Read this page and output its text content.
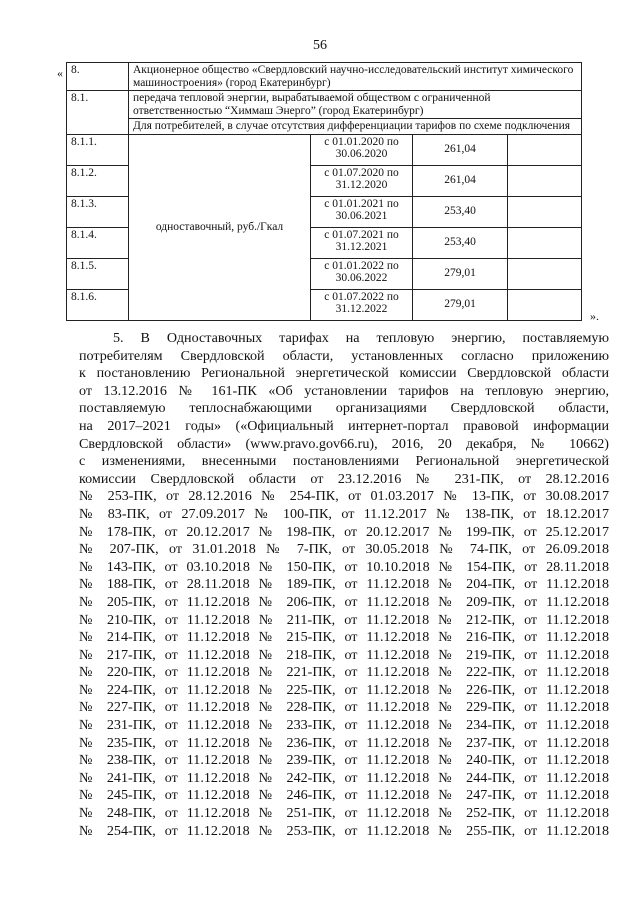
56
«
».
8.	Акционерное общество «Свердловский научно-исследовательский институт химического машиностроения» (город Екатеринбург)			
8.1.	передача тепловой энергии, вырабатываемой обществом с ограниченной ответственностью “Химмаш Энерго” (город Екатеринбург)			
	Для потребителей, в случае отсутствия дифференциации тарифов по схеме подключения			
8.1.1.	одноставочный, руб./Гкал	с 01.01.2020 по 30.06.2020	261,04	
8.1.2.		с 01.07.2020 по 31.12.2020	261,04	
8.1.3.		с 01.01.2021 по 30.06.2021	253,40	
8.1.4.		с 01.07.2021 по 31.12.2021	253,40	
8.1.5.		с 01.01.2022 по 30.06.2022	279,01	
8.1.6.		с 01.07.2022 по 31.12.2022	279,01	
5. В Одноставочных тарифах на тепловую энергию, поставляемую
потребителям Свердловской области, установленных согласно приложению
к постановлению Региональной энергетической комиссии Свердловской области
от 13.12.2016 № 161-ПК «Об установлении тарифов на тепловую энергию,
поставляемую теплоснабжающими организациями Свердловской области,
на 2017–2021 годы» («Официальный интернет-портал правовой информации
Свердловской области» (www.pravo.gov66.ru), 2016, 20 декабря, № 10662)
с изменениями, внесенными постановлениями Региональной энергетической
комиссии Свердловской области от 23.12.2016 № 231-ПК, от 28.12.2016
№ 253-ПК, от 28.12.2016 № 254-ПК, от 01.03.2017 № 13-ПК, от 30.08.2017
№ 83-ПК, от 27.09.2017 № 100-ПК, от 11.12.2017 № 138-ПК, от 18.12.2017
№ 178-ПК, от 20.12.2017 № 198-ПК, от 20.12.2017 № 199-ПК, от 25.12.2017
№ 207-ПК, от 31.01.2018 № 7-ПК, от 30.05.2018 № 74-ПК, от 26.09.2018
№ 143-ПК, от 03.10.2018 № 150-ПК, от 10.10.2018 № 154-ПК, от 28.11.2018
№ 188-ПК, от 28.11.2018 № 189-ПК, от 11.12.2018 № 204-ПК, от 11.12.2018
№ 205-ПК, от 11.12.2018 № 206-ПК, от 11.12.2018 № 209-ПК, от 11.12.2018
№ 210-ПК, от 11.12.2018 № 211-ПК, от 11.12.2018 № 212-ПК, от 11.12.2018
№ 214-ПК, от 11.12.2018 № 215-ПК, от 11.12.2018 № 216-ПК, от 11.12.2018
№ 217-ПК, от 11.12.2018 № 218-ПК, от 11.12.2018 № 219-ПК, от 11.12.2018
№ 220-ПК, от 11.12.2018 № 221-ПК, от 11.12.2018 № 222-ПК, от 11.12.2018
№ 224-ПК, от 11.12.2018 № 225-ПК, от 11.12.2018 № 226-ПК, от 11.12.2018
№ 227-ПК, от 11.12.2018 № 228-ПК, от 11.12.2018 № 229-ПК, от 11.12.2018
№ 231-ПК, от 11.12.2018 № 233-ПК, от 11.12.2018 № 234-ПК, от 11.12.2018
№ 235-ПК, от 11.12.2018 № 236-ПК, от 11.12.2018 № 237-ПК, от 11.12.2018
№ 238-ПК, от 11.12.2018 № 239-ПК, от 11.12.2018 № 240-ПК, от 11.12.2018
№ 241-ПК, от 11.12.2018 № 242-ПК, от 11.12.2018 № 244-ПК, от 11.12.2018
№ 245-ПК, от 11.12.2018 № 246-ПК, от 11.12.2018 № 247-ПК, от 11.12.2018
№ 248-ПК, от 11.12.2018 № 251-ПК, от 11.12.2018 № 252-ПК, от 11.12.2018
№ 254-ПК, от 11.12.2018 № 253-ПК, от 11.12.2018 № 255-ПК, от 11.12.2018
